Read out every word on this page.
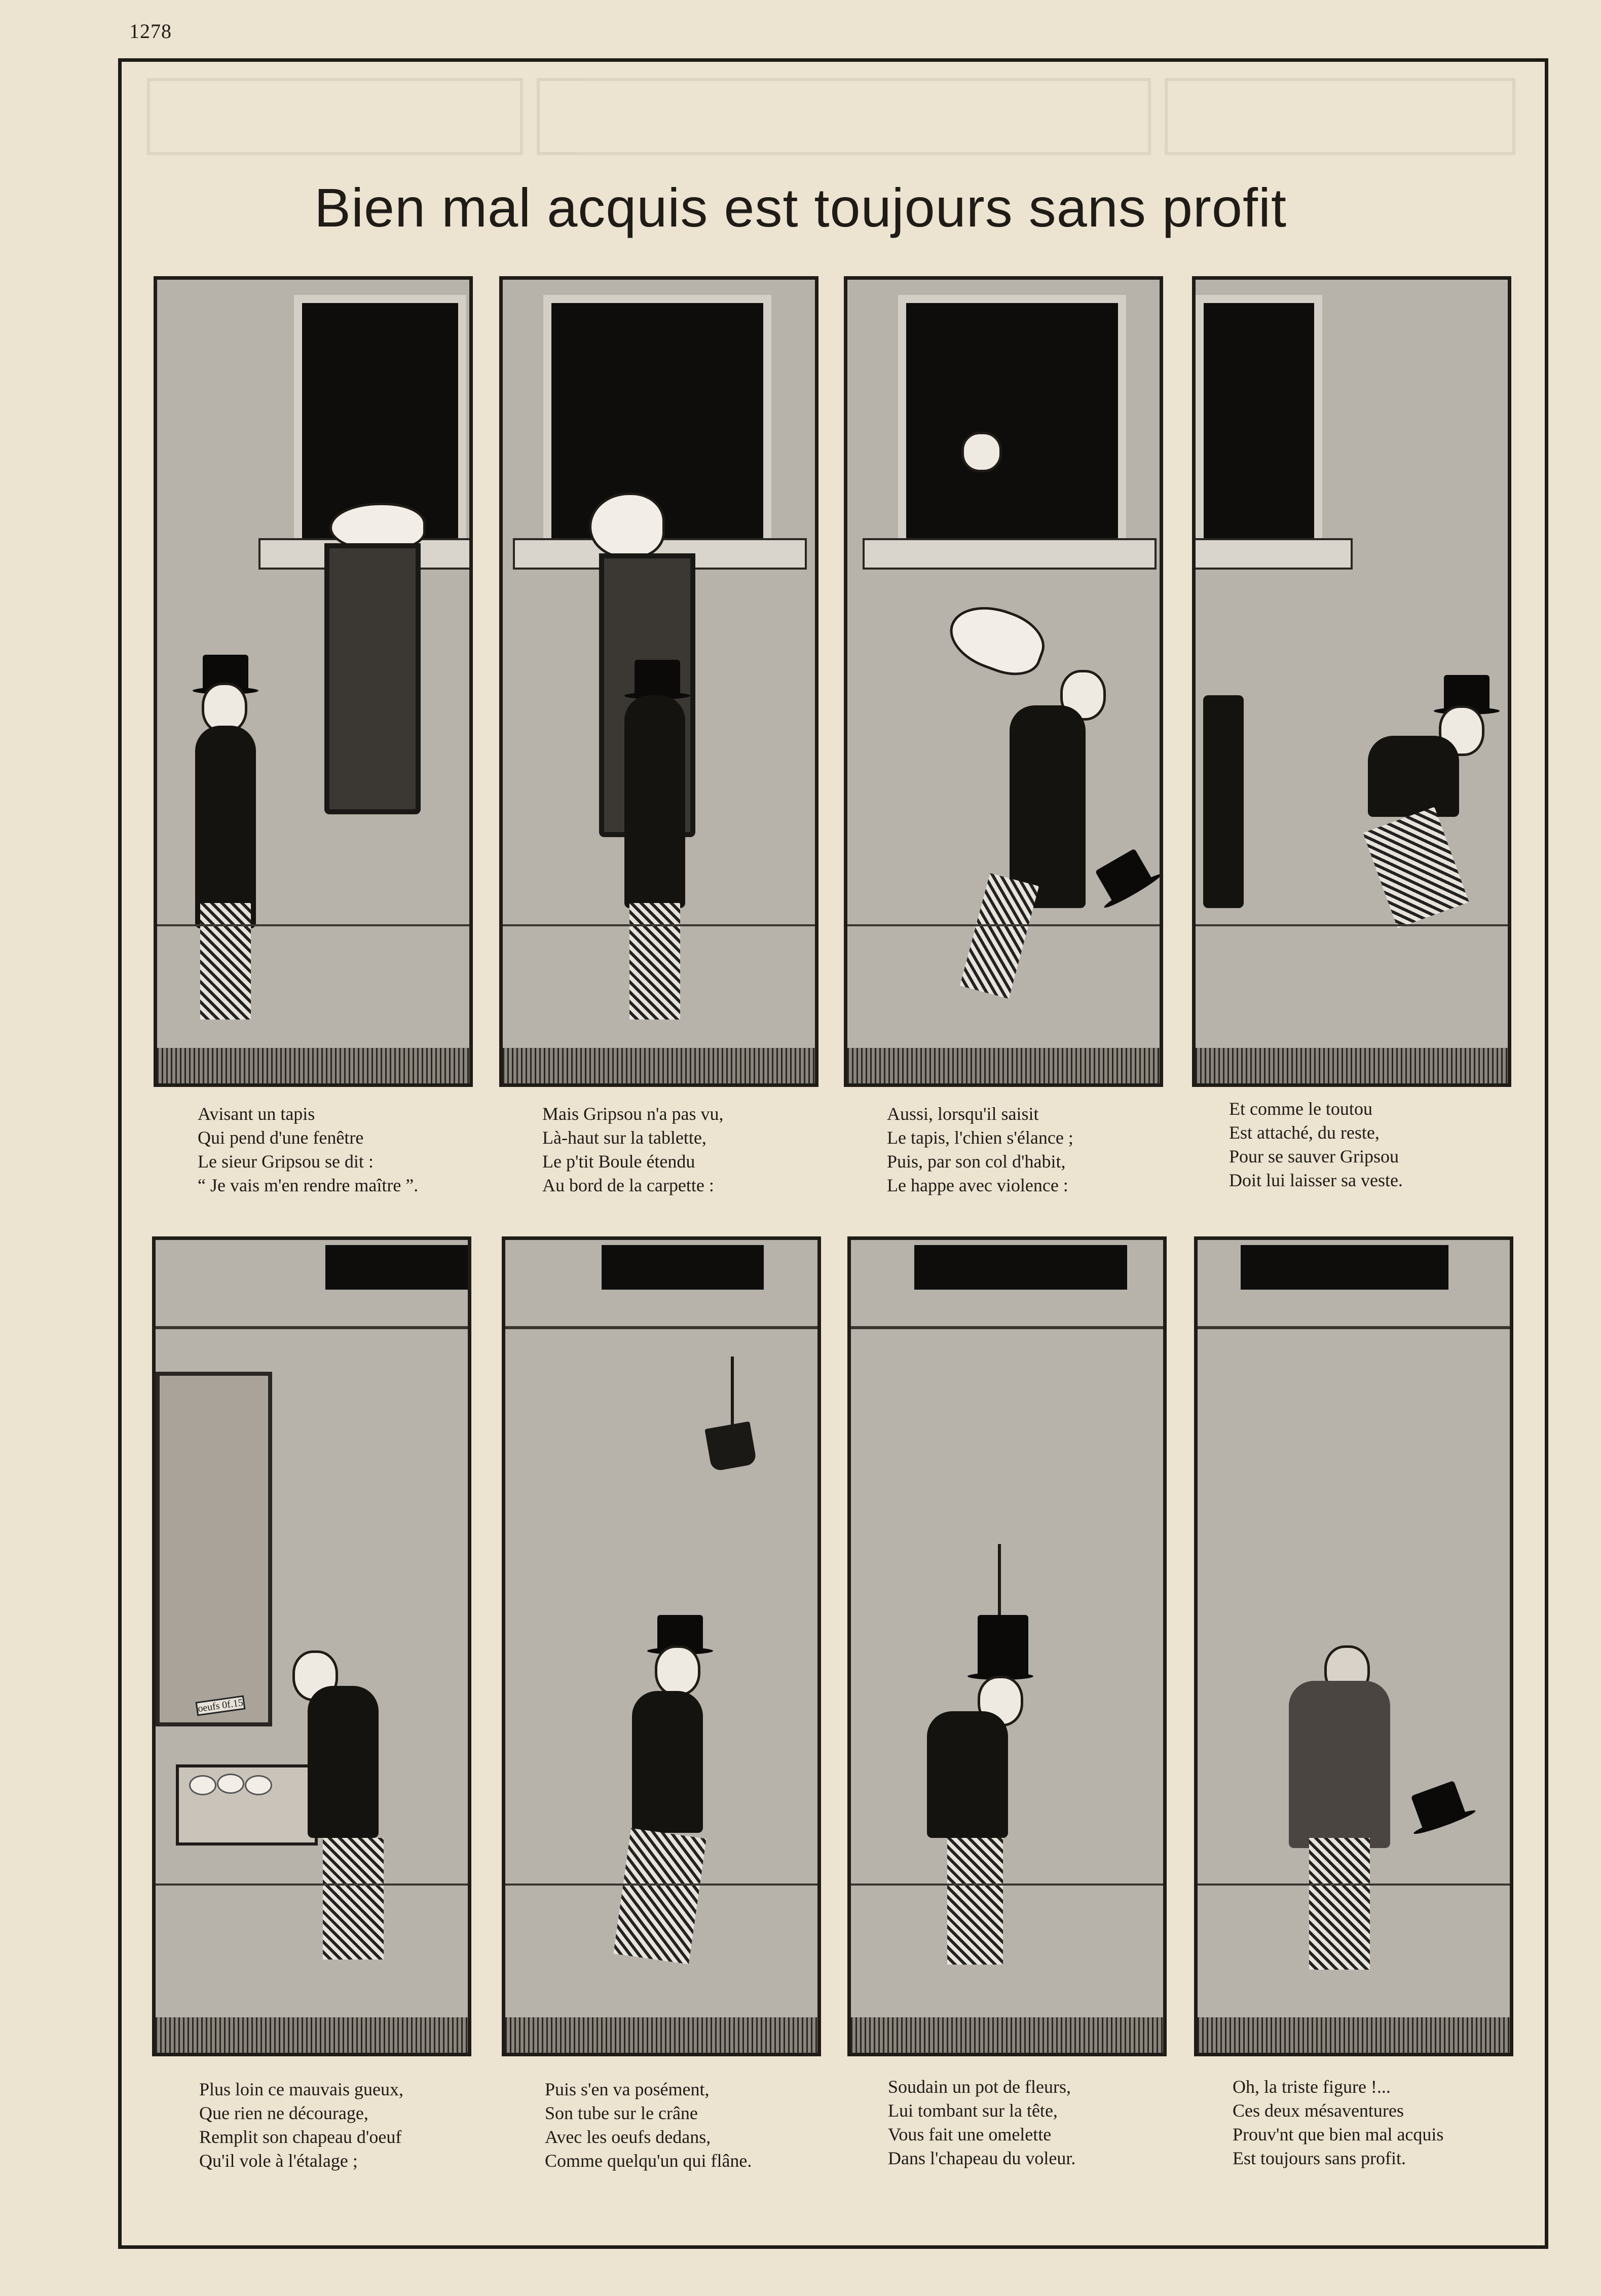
1278
Bien mal acquis est toujours sans profit
Avisant un tapis
Qui pend d'une fenêtre
Le sieur Gripsou se dit :
“ Je vais m'en rendre maître ”.
Mais Gripsou n'a pas vu,
Là-haut sur la tablette,
Le p'tit Boule étendu
Au bord de la carpette :
Aussi, lorsqu'il saisit
Le tapis, l'chien s'élance ;
Puis, par son col d'habit,
Le happe avec violence :
Et comme le toutou
Est attaché, du reste,
Pour se sauver Gripsou
Doit lui laisser sa veste.
oeufs 0f.15
Plus loin ce mauvais gueux,
Que rien ne décourage,
Remplit son chapeau d'oeuf
Qu'il vole à l'étalage ;
Puis s'en va posément,
Son tube sur le crâne
Avec les oeufs dedans,
Comme quelqu'un qui flâne.
Soudain un pot de fleurs,
Lui tombant sur la tête,
Vous fait une omelette
Dans l'chapeau du voleur.
Oh, la triste figure !...
Ces deux mésaventures
Prouv'nt que bien mal acquis
Est toujours sans profit.
